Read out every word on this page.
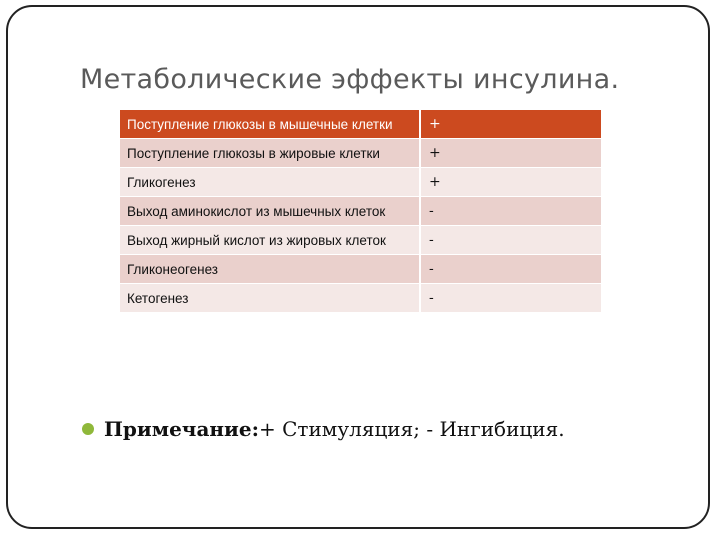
Метаболические эффекты инсулина.
Поступление глюкозы в мышечные клетки	+
Поступление глюкозы в жировые клетки	+
Гликогенез	+
Выход аминокислот из мышечных клеток	-
Выход жирный кислот из жировых клеток	-
Гликонеогенез	-
Кетогенез	-
Примечание: + Стимуляция; - Ингибиция.
